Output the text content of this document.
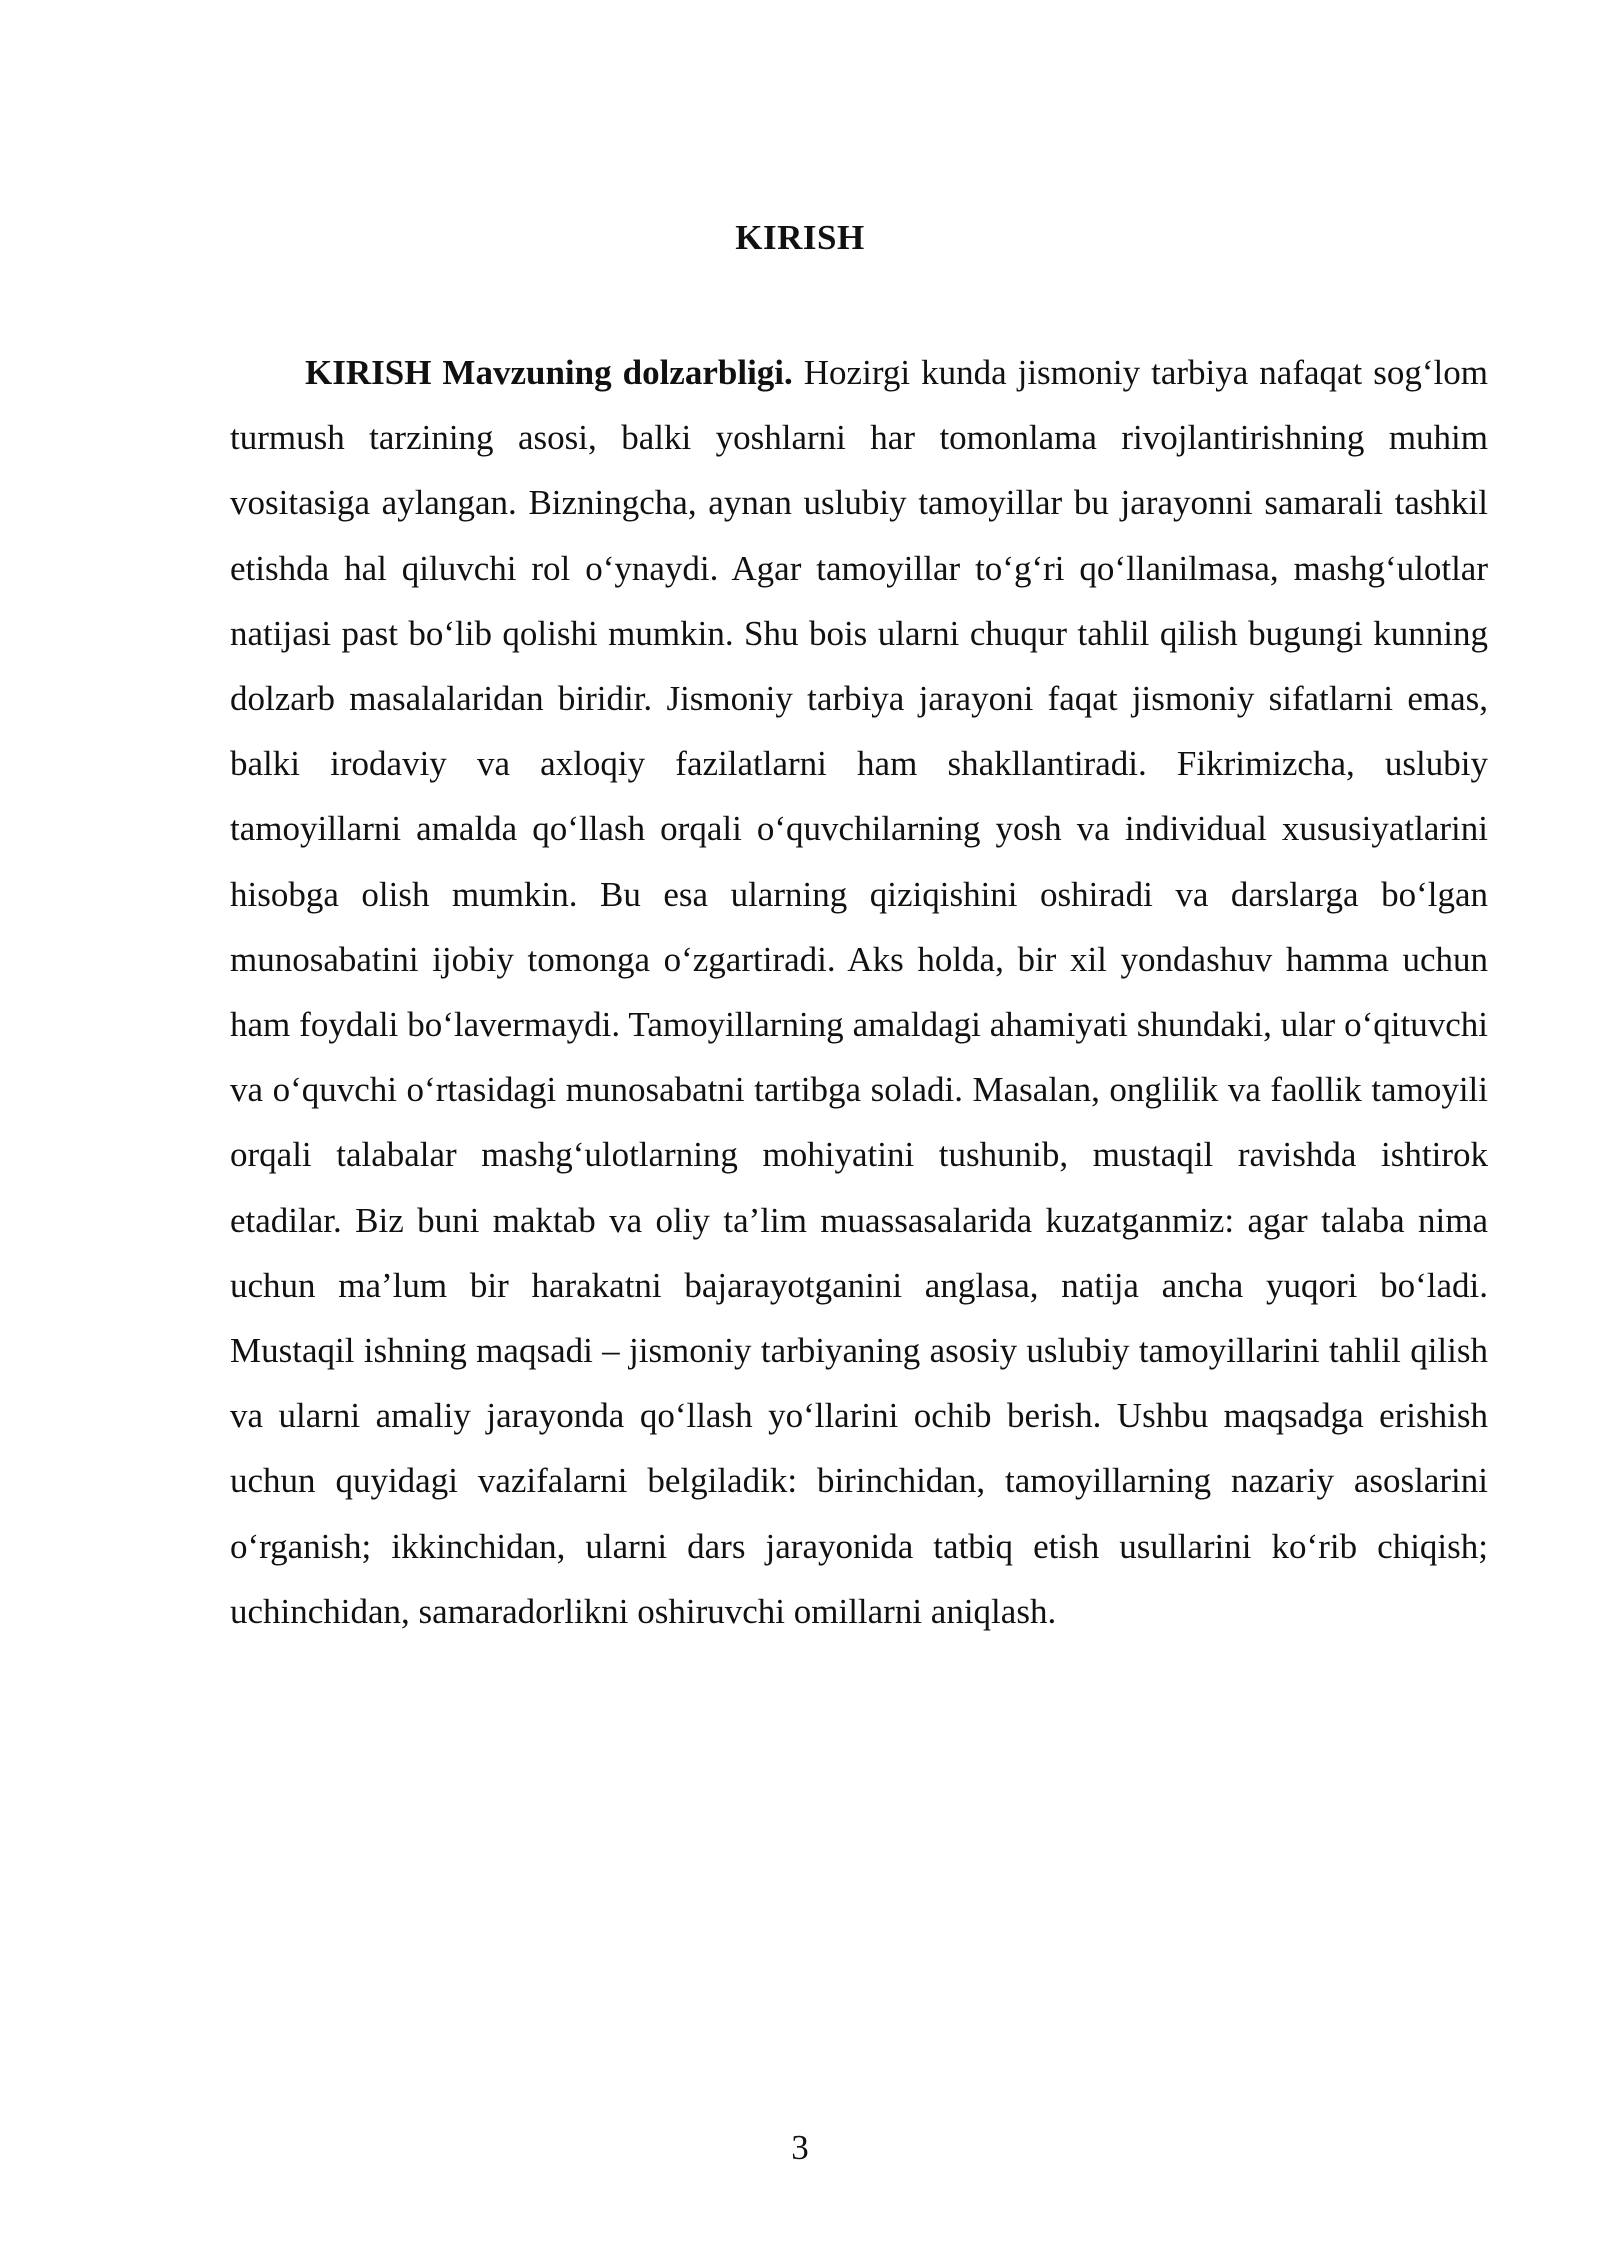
KIRISH

KIRISH Mavzuning dolzarbligi. Hozirgi kunda jismoniy tarbiya nafaqat sog‘lom turmush tarzining asosi, balki yoshlarni har tomonlama rivojlantirishning muhim vositasiga aylangan. Bizningcha, aynan uslubiy tamoyillar bu jarayonni samarali tashkil etishda hal qiluvchi rol o‘ynaydi. Agar tamoyillar to‘g‘ri qo‘llanilmasa, mashg‘ulotlar natijasi past bo‘lib qolishi mumkin. Shu bois ularni chuqur tahlil qilish bugungi kunning dolzarb masalalaridan biridir. Jismoniy tarbiya jarayoni faqat jismoniy sifatlarni emas, balki irodaviy va axloqiy fazilatlarni ham shakllantiradi. Fikrimizcha, uslubiy tamoyillarni amalda qo‘llash orqali o‘quvchilarning yosh va individual xususiyatlarini hisobga olish mumkin. Bu esa ularning qiziqishini oshiradi va darslarga bo‘lgan munosabatini ijobiy tomonga o‘zgartiradi. Aks holda, bir xil yondashuv hamma uchun ham foydali bo‘lavermaydi. Tamoyillarning amaldagi ahamiyati shundaki, ular o‘qituvchi va o‘quvchi o‘rtasidagi munosabatni tartibga soladi. Masalan, onglilik va faollik tamoyili orqali talabalar mashg‘ulotlarning mohiyatini tushunib, mustaqil ravishda ishtirok etadilar. Biz buni maktab va oliy ta’lim muassasalarida kuzatganmiz: agar talaba nima uchun ma’lum bir harakatni bajarayotganini anglasa, natija ancha yuqori bo‘ladi. Mustaqil ishning maqsadi – jismoniy tarbiyaning asosiy uslubiy tamoyillarini tahlil qilish va ularni amaliy jarayonda qo‘llash yo‘llarini ochib berish. Ushbu maqsadga erishish uchun quyidagi vazifalarni belgiladik: birinchidan, tamoyillarning nazariy asoslarini o‘rganish; ikkinchidan, ularni dars jarayonida tatbiq etish usullarini ko‘rib chiqish; uchinchidan, samaradorlikni oshiruvchi omillarni aniqlash.

3
